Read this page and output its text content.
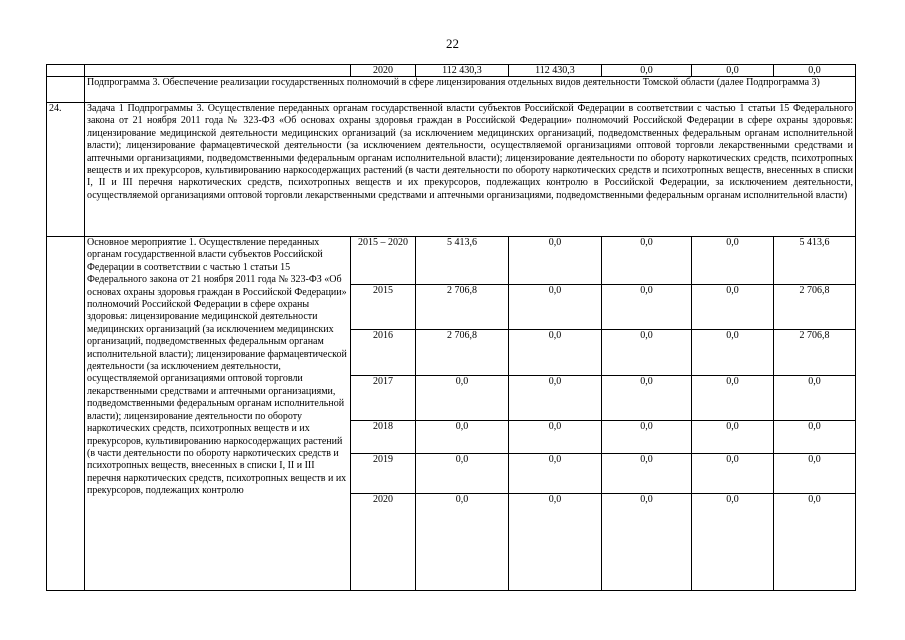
22
		2020	112 430,3	112 430,3	0,0	0,0	0,0
	Подпрограмма 3. Обеспечение реализации государственных полномочий в сфере лицензирования отдельных видов деятельности Томской области (далее Подпрограмма 3)						
24.	Задача 1 Подпрограммы 3. Осуществление переданных органам государственной власти субъектов Российской Федерации в соответствии с частью 1 статьи 15 Федерального закона от 21 ноября 2011 года № 323-ФЗ «Об основах охраны здоровья граждан в Российской Федерации» полномочий Российской Федерации в сфере охраны здоровья: лицензирование медицинской деятельности медицинских организаций (за исключением медицинских организаций, подведомственных федеральным органам исполнительной власти); лицензирование фармацевтической деятельности (за исключением деятельности, осуществляемой организациями оптовой торговли лекарственными средствами и аптечными организациями, подведомственными федеральным органам исполнительной власти); лицензирование деятельности по обороту наркотических средств, психотропных веществ и их прекурсоров, культивированию наркосодержащих растений (в части деятельности по обороту наркотических средств и психотропных веществ, внесенных в списки I, II и III перечня наркотических средств, психотропных веществ и их прекурсоров, подлежащих контролю в Российской Федерации, за исключением деятельности, осуществляемой организациями оптовой торговли лекарственными средствами и аптечными организациями, подведомственными федеральным органам исполнительной власти)						
	Основное мероприятие 1. Осуществление переданных органам государственной власти субъектов Российской Федерации в соответствии с частью 1 статьи 15 Федерального закона от 21 ноября 2011 года № 323-ФЗ «Об основах охраны здоровья граждан в Российской Федерации» полномочий Российской Федерации в сфере охраны здоровья: лицензирование медицинской деятельности медицинских организаций (за исключением медицинских организаций, подведомственных федеральным органам исполнительной власти); лицензирование фармацевтической деятельности (за исключением деятельности, осуществляемой организациями оптовой торговли лекарственными средствами и аптечными организациями, подведомственными федеральным органам исполнительной власти); лицензирование деятельности по обороту наркотических средств, психотропных веществ и их прекурсоров, культивированию наркосодержащих растений (в части деятельности по обороту наркотических средств и психотропных веществ, внесенных в списки I, II и III перечня наркотических средств, психотропных веществ и их прекурсоров, подлежащих контролю	2015 – 2020	5 413,6	0,0	0,0	0,0	5 413,6
		2015	2 706,8	0,0	0,0	0,0	2 706,8
		2016	2 706,8	0,0	0,0	0,0	2 706,8
		2017	0,0	0,0	0,0	0,0	0,0
		2018	0,0	0,0	0,0	0,0	0,0
		2019	0,0	0,0	0,0	0,0	0,0
		2020	0,0	0,0	0,0	0,0	0,0
